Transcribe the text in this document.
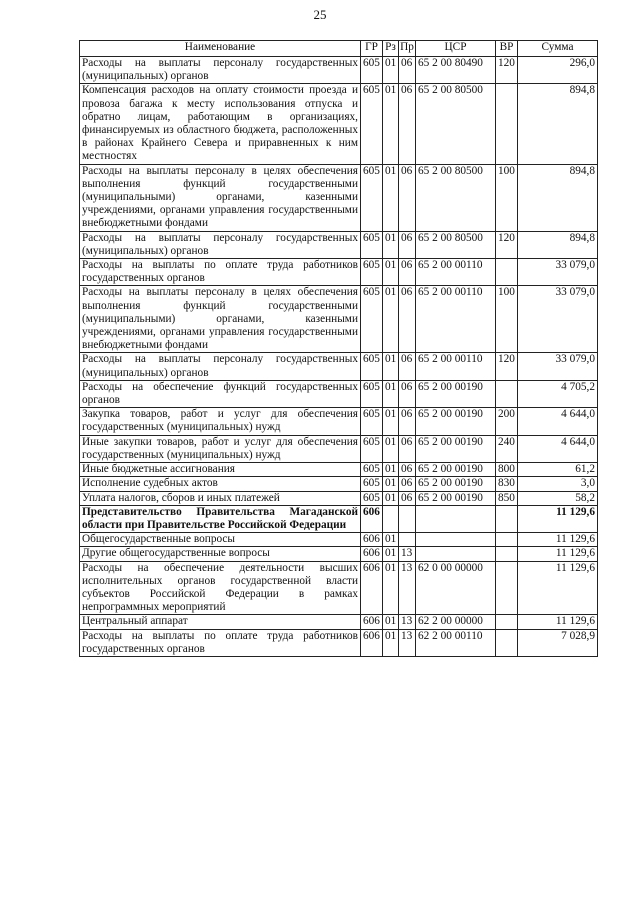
25
Наименование	ГР	Рз	Пр	ЦСР	ВР	Сумма
Расходы на выплаты персоналу государственных (муниципальных) органов	605	01	06	65 2 00 80490	120	296,0
Компенсация расходов на оплату стоимости проезда и провоза багажа к месту использования отпуска и обратно лицам, работающим в организациях, финансируемых из областного бюджета, расположенных в районах Крайнего Севера и приравненных к ним местностях	605	01	06	65 2 00 80500		894,8
Расходы на выплаты персоналу в целях обеспечения выполнения функций государственными (муниципальными) органами, казенными учреждениями, органами управления государственными внебюджетными фондами	605	01	06	65 2 00 80500	100	894,8
Расходы на выплаты персоналу государственных (муниципальных) органов	605	01	06	65 2 00 80500	120	894,8
Расходы на выплаты по оплате труда работников государственных органов	605	01	06	65 2 00 00110		33 079,0
Расходы на выплаты персоналу в целях обеспечения выполнения функций государственными (муниципальными) органами, казенными учреждениями, органами управления государственными внебюджетными фондами	605	01	06	65 2 00 00110	100	33 079,0
Расходы на выплаты персоналу государственных (муниципальных) органов	605	01	06	65 2 00 00110	120	33 079,0
Расходы на обеспечение функций государственных органов	605	01	06	65 2 00 00190		4 705,2
Закупка товаров, работ и услуг для обеспечения государственных (муниципальных) нужд	605	01	06	65 2 00 00190	200	4 644,0
Иные закупки товаров, работ и услуг для обеспечения государственных (муниципальных) нужд	605	01	06	65 2 00 00190	240	4 644,0
Иные бюджетные ассигнования	605	01	06	65 2 00 00190	800	61,2
Исполнение судебных актов	605	01	06	65 2 00 00190	830	3,0
Уплата налогов, сборов и иных платежей	605	01	06	65 2 00 00190	850	58,2
Представительство Правительства Магаданской области при Правительстве Российской Федерации	606					11 129,6
Общегосударственные вопросы	606	01				11 129,6
Другие общегосударственные вопросы	606	01	13			11 129,6
Расходы на обеспечение деятельности высших исполнительных органов государственной власти субъектов Российской Федерации в рамках непрограммных мероприятий	606	01	13	62 0 00 00000		11 129,6
Центральный аппарат	606	01	13	62 2 00 00000		11 129,6
Расходы на выплаты по оплате труда работников государственных органов	606	01	13	62 2 00 00110		7 028,9
